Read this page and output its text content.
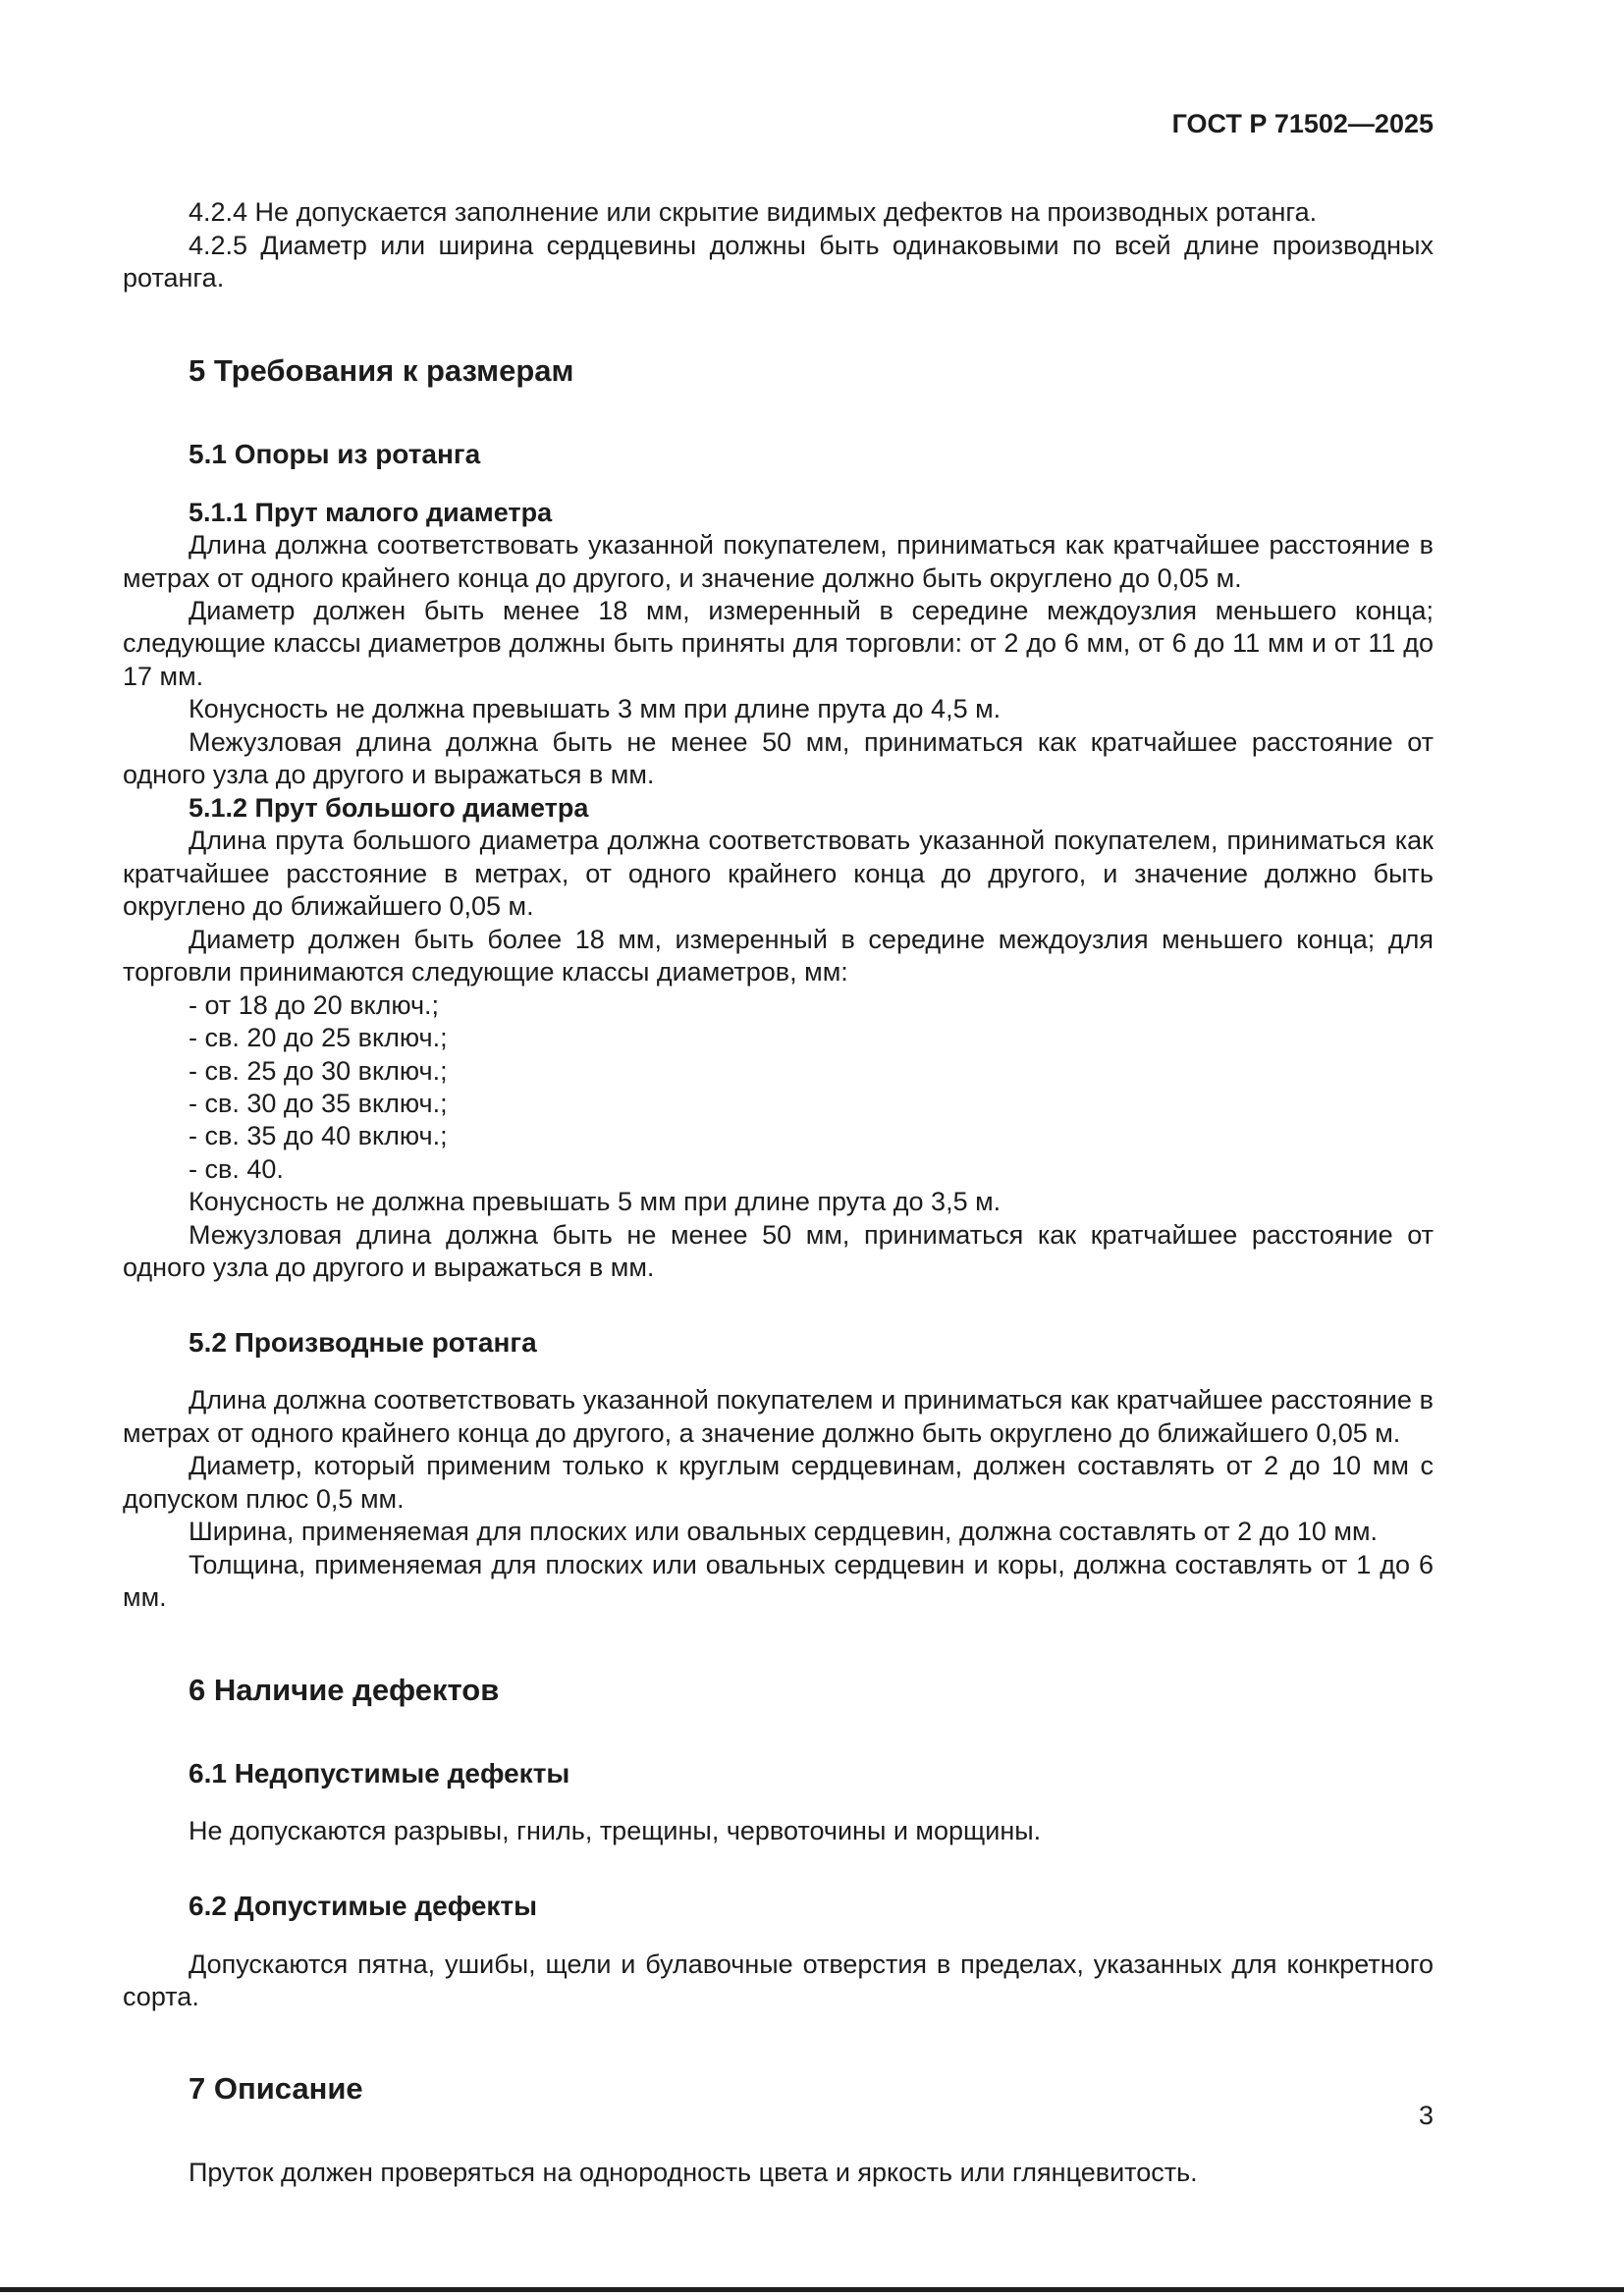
ГОСТ Р 71502—2025

4.2.4 Не допускается заполнение или скрытие видимых дефектов на производных ротанга.

4.2.5 Диаметр или ширина сердцевины должны быть одинаковыми по всей длине производных ротанга.

5 Требования к размерам
5.1 Опоры из ротанга
5.1.1 Прут малого диаметра

Длина должна соответствовать указанной покупателем, приниматься как кратчайшее расстояние в метрах от одного крайнего конца до другого, и значение должно быть округлено до 0,05 м.

Диаметр должен быть менее 18 мм, измеренный в середине междоузлия меньшего конца; следующие классы диаметров должны быть приняты для торговли: от 2 до 6 мм, от 6 до 11 мм и от 11 до 17 мм.

Конусность не должна превышать 3 мм при длине прута до 4,5 м.

Межузловая длина должна быть не менее 50 мм, приниматься как кратчайшее расстояние от одного узла до другого и выражаться в мм.

5.1.2 Прут большого диаметра

Длина прута большого диаметра должна соответствовать указанной покупателем, приниматься как кратчайшее расстояние в метрах, от одного крайнего конца до другого, и значение должно быть округлено до ближайшего 0,05 м.

Диаметр должен быть более 18 мм, измеренный в середине междоузлия меньшего конца; для торговли принимаются следующие классы диаметров, мм:

- от 18 до 20 включ.;
- св. 20 до 25 включ.;
- св. 25 до 30 включ.;
- св. 30 до 35 включ.;
- св. 35 до 40 включ.;
- св. 40.

Конусность не должна превышать 5 мм при длине прута до 3,5 м.

Межузловая длина должна быть не менее 50 мм, приниматься как кратчайшее расстояние от одного узла до другого и выражаться в мм.

5.2 Производные ротанга

Длина должна соответствовать указанной покупателем и приниматься как кратчайшее расстояние в метрах от одного крайнего конца до другого, а значение должно быть округлено до ближайшего 0,05 м.

Диаметр, который применим только к круглым сердцевинам, должен составлять от 2 до 10 мм с допуском плюс 0,5 мм.

Ширина, применяемая для плоских или овальных сердцевин, должна составлять от 2 до 10 мм.

Толщина, применяемая для плоских или овальных сердцевин и коры, должна составлять от 1 до 6 мм.

6 Наличие дефектов
6.1 Недопустимые дефекты

Не допускаются разрывы, гниль, трещины, червоточины и морщины.

6.2 Допустимые дефекты

Допускаются пятна, ушибы, щели и булавочные отверстия в пределах, указанных для конкретного сорта.

7 Описание

Пруток должен проверяться на однородность цвета и яркость или глянцевитость.

3
